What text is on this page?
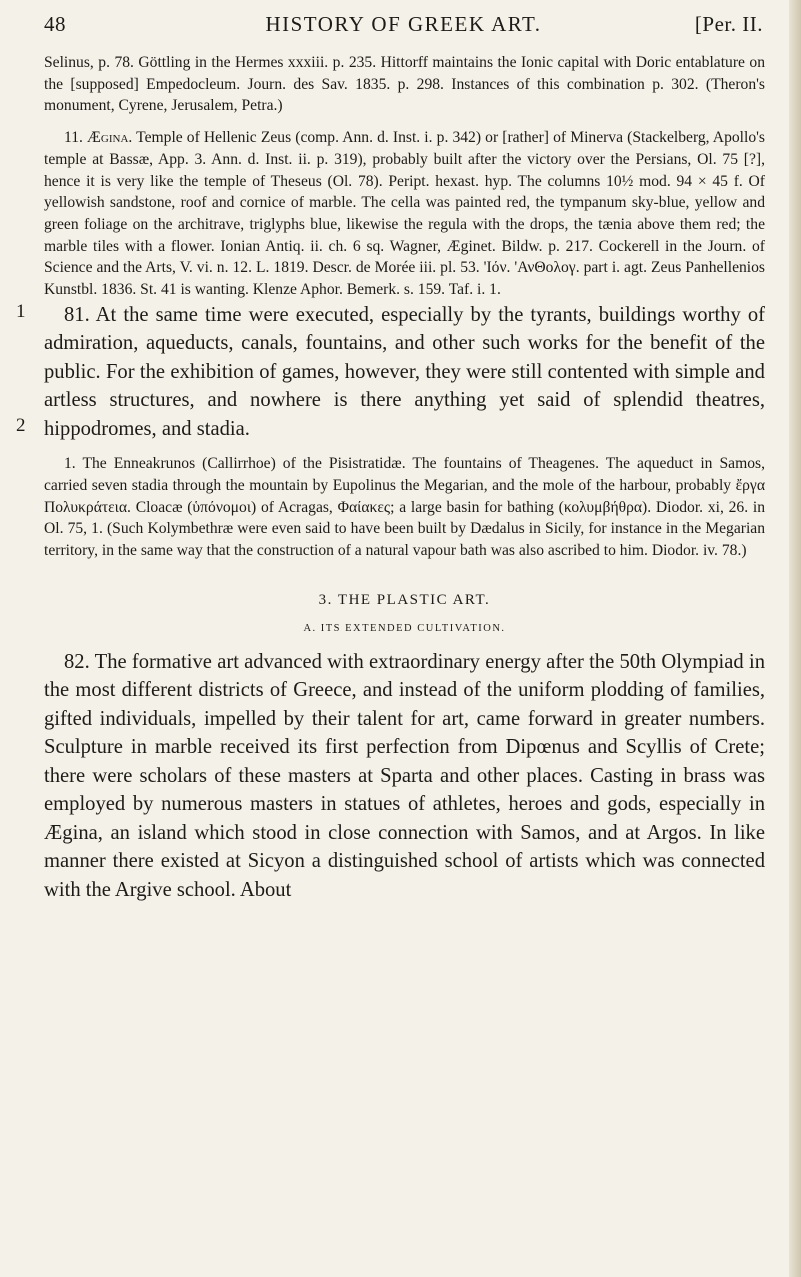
48	HISTORY OF GREEK ART.	[Per. II.

Selinus, p. 78. Göttling in the Hermes xxxiii. p. 235. Hittorff maintains the Ionic capital with Doric entablature on the [supposed] Empedocleum. Journ. des Sav. 1835. p. 298. Instances of this combination p. 302. (Theron's monument, Cyrene, Jerusalem, Petra.)

11. Ægina. Temple of Hellenic Zeus (comp. Ann. d. Inst. i. p. 342) or [rather] of Minerva (Stackelberg, Apollo's temple at Bassæ, App. 3. Ann. d. Inst. ii. p. 319), probably built after the victory over the Persians, Ol. 75 [?], hence it is very like the temple of Theseus (Ol. 78). Peript. hexast. hyp. The columns 10½ mod. 94 × 45 f. Of yellowish sandstone, roof and cornice of marble. The cella was painted red, the tympanum sky-blue, yellow and green foliage on the architrave, triglyphs blue, likewise the regula with the drops, the tænia above them red; the marble tiles with a flower. Ionian Antiq. ii. ch. 6 sq. Wagner, Æginet. Bildw. p. 217. Cockerell in the Journ. of Science and the Arts, V. vi. n. 12. L. 1819. Descr. de Morée iii. pl. 53. 'Ιόν. 'ΑνΘολογ. part i. agt. Zeus Panhellenios Kunstbl. 1836. St. 41 is wanting. Klenze Aphor. Bemerk. s. 159. Taf. i. 1.

1
2

81. At the same time were executed, especially by the tyrants, buildings worthy of admiration, aqueducts, canals, fountains, and other such works for the benefit of the public. For the exhibition of games, however, they were still contented with simple and artless structures, and nowhere is there anything yet said of splendid theatres, hippodromes, and stadia.

1. The Enneakrunos (Callirrhoe) of the Pisistratidæ. The fountains of Theagenes. The aqueduct in Samos, carried seven stadia through the mountain by Eupolinus the Megarian, and the mole of the harbour, probably ἔργα Πολυκράτεια. Cloacæ (ὑπόνομοι) of Acragas, Φαίακες; a large basin for bathing (κολυμβήθρα). Diodor. xi, 26. in Ol. 75, 1. (Such Kolymbethræ were even said to have been built by Dædalus in Sicily, for instance in the Megarian territory, in the same way that the construction of a natural vapour bath was also ascribed to him. Diodor. iv. 78.)

3. THE PLASTIC ART.

A. ITS EXTENDED CULTIVATION.

82. The formative art advanced with extraordinary energy after the 50th Olympiad in the most different districts of Greece, and instead of the uniform plodding of families, gifted individuals, impelled by their talent for art, came forward in greater numbers. Sculpture in marble received its first perfection from Dipœnus and Scyllis of Crete; there were scholars of these masters at Sparta and other places. Casting in brass was employed by numerous masters in statues of athletes, heroes and gods, especially in Ægina, an island which stood in close connection with Samos, and at Argos. In like manner there existed at Sicyon a distinguished school of artists which was connected with the Argive school. About
